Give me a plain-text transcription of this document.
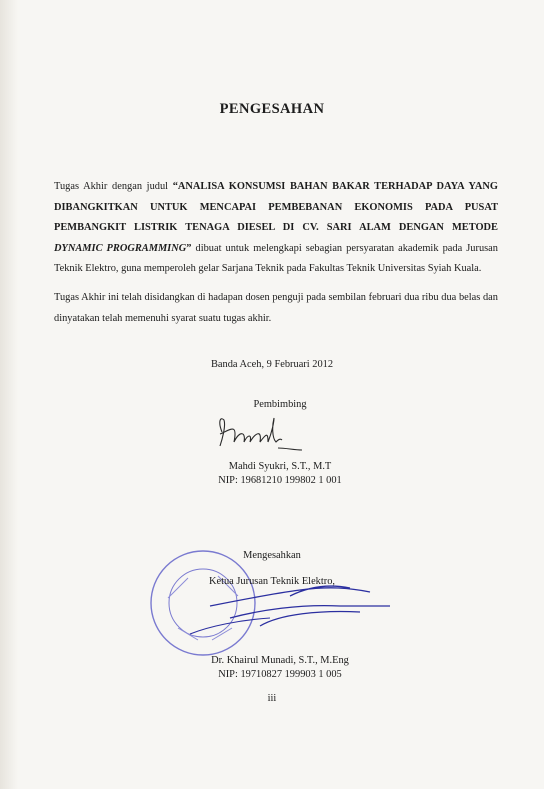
PENGESAHAN
Tugas Akhir dengan judul “ANALISA KONSUMSI BAHAN BAKAR TERHADAP DAYA YANG DIBANGKITKAN UNTUK MENCAPAI PEMBEBANAN EKONOMIS PADA PUSAT PEMBANGKIT LISTRIK TENAGA DIESEL DI CV. SARI ALAM DENGAN METODE DYNAMIC PROGRAMMING” dibuat untuk melengkapi sebagian persyaratan akademik pada Jurusan Teknik Elektro, guna memperoleh gelar Sarjana Teknik pada Fakultas Teknik Universitas Syiah Kuala.
Tugas Akhir ini telah disidangkan di hadapan dosen penguji pada sembilan februari dua ribu dua belas dan dinyatakan telah memenuhi syarat suatu tugas akhir.
Banda Aceh, 9 Februari 2012
Pembimbing
Mahdi Syukri, S.T., M.T
NIP: 19681210 199802 1 001
Mengesahkan
Ketua Jurusan Teknik Elektro,
Dr. Khairul Munadi, S.T., M.Eng
NIP: 19710827 199903 1 005
iii
